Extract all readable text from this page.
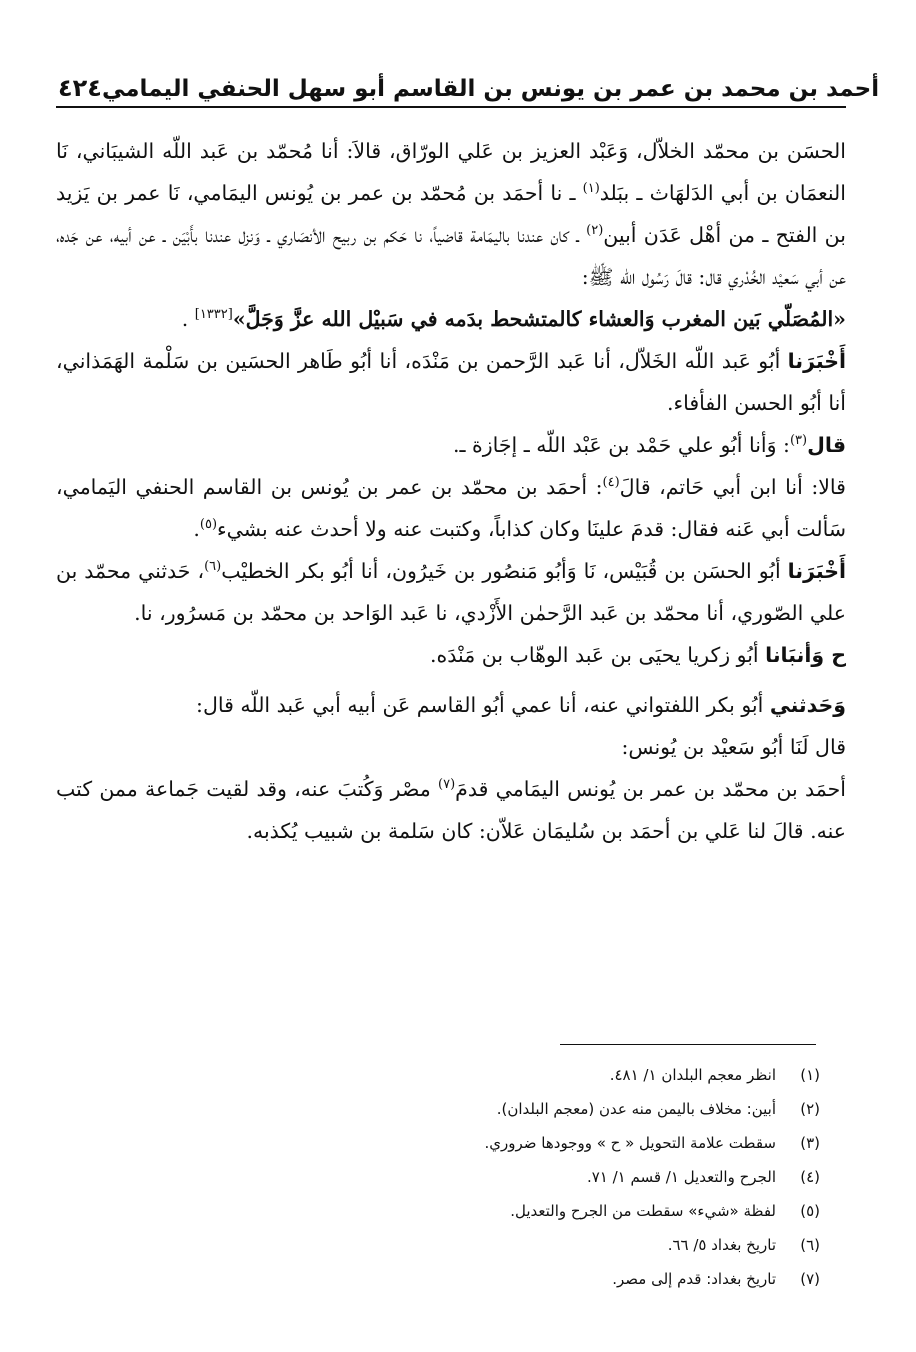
٤٢٤ أحمد بن محمد بن عمر بن يونس بن القاسم أبو سهل الحنفي اليمامي

الحسَن بن محمّد الخلاّل، وَعَبْد العزيز بن عَلي الورّاق، قالاَ: أنا مُحمّد بن عَبد اللّه الشيبَاني، نَا النعمَان بن أبي الدَلهَاث ـ ببَلد$^{(١)}$ ـ نا أحمَد بن مُحمّد بن عمر بن يُونس اليمَامي، نَا عمر بن يَزيد بن الفتح ـ من أهْل عَدَن أبين$^{(٢)}$ ـ كان عندنا باليمَامة قاضياً، نا حَكم بن ربيح الأنصَاري ـ وَنزل عندنا بأَبْيَن ـ عن أبيه، عن جَده، عن أبي سَعيْد الخُدْري قال: قالَ رَسُول الله ﷺ:

«المُصَلّي بَين المغرب وَالعشاء كالمتشحط بدَمه في سَبيْل الله عزَّ وَجَلَّ»[١٣٣٢] .

أَخْبَرَنا أبُو عَبد اللّه الخَلاّل، أنا عَبد الرَّحمن بن مَنْدَه، أنا أبُو طَاهر الحسَين بن سَلْمة الهَمَذاني، أنا أبُو الحسن الفأفاء.

قال$^{(٣)}$: وَأنا أبُو علي حَمْد بن عَبْد اللّه ـ إجَازة ـ.

قالا: أنا ابن أبي حَاتم، قالَ$^{(٤)}$: أحمَد بن محمّد بن عمر بن يُونس بن القاسم الحنفي اليَمامي، سَألت أبي عَنه فقال: قدمَ علينَا وكان كذاباً، وكتبت عنه ولا أحدث عنه بشيء$^{(٥)}$.

أَخْبَرَنا أبُو الحسَن بن قُبَيْس، نَا وَأبُو مَنصُور بن خَيرُون، أنا أبُو بكر الخطيْب$^{(٦)}$، حَدثني محمّد بن علي الصّوري، أنا محمّد بن عَبد الرَّحمٰن الأَزْدي، نا عَبد الوَاحد بن محمّد بن مَسرُور، نا.

ح وَأنبَانا أبُو زكريا يحيَى بن عَبد الوهّاب بن مَنْدَه.

وَحَدثني أبُو بكر اللفتواني عنه، أنا عمي أبُو القاسم عَن أبيه أبي عَبد اللّه قال:

قال لَنَا أبُو سَعيْد بن يُونس:

أحمَد بن محمّد بن عمر بن يُونس اليمَامي قدمَ$^{(٧)}$ مصْر وَكُتبَ عنه، وقد لقيت جَماعة ممن كتب عنه. قالَ لنا عَلي بن أحمَد بن سُليمَان عَلاّن: كان سَلمة بن شبيب يُكذبه.

(١)
انظر معجم البلدان ١/ ٤٨١.
(٢)
أبين: مخلاف باليمن منه عدن (معجم البلدان).
(٣)
سقطت علامة التحويل « ح » ووجودها ضروري.
(٤)
الجرح والتعديل ١/ قسم ١/ ٧١.
(٥)
لفظة «شيء» سقطت من الجرح والتعديل.
(٦)
تاريخ بغداد ٥/ ٦٦.
(٧)
تاريخ بغداد: قدم إلى مصر.
